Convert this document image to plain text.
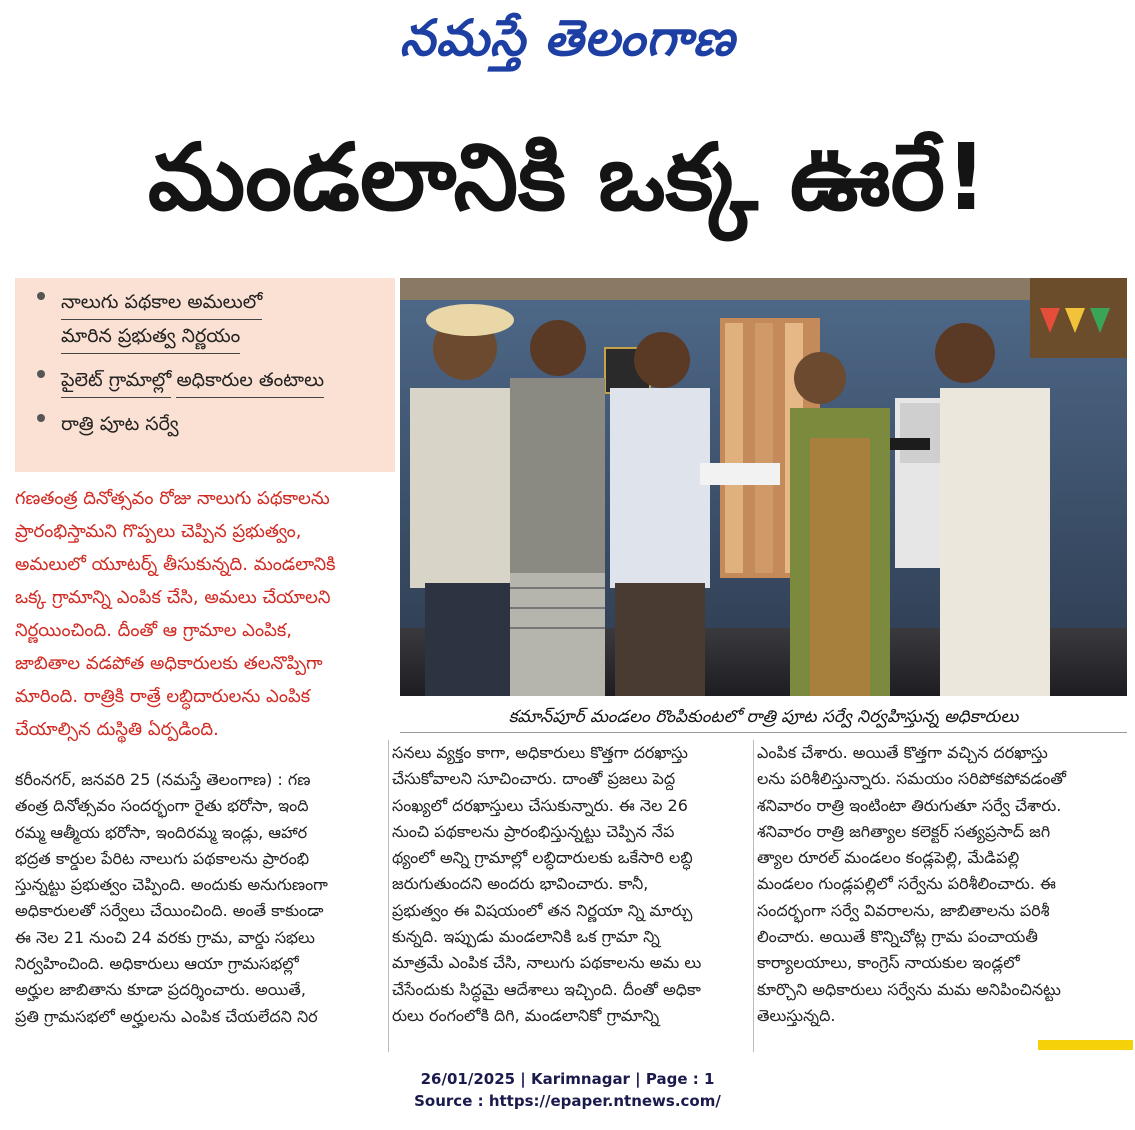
నమస్తే తెలంగాణ
మండలానికి ఒక్క ఊరే!
నాలుగు పథకాల అమలులో మారిన ప్రభుత్వ నిర్ణయం
పైలెట్ గ్రామాల్లో అధికారుల తంటాలు
రాత్రి పూట సర్వే
గణతంత్ర దినోత్సవం రోజు నాలుగు పథకాలను
ప్రారంభిస్తామని గొప్పలు చెప్పిన ప్రభుత్వం,
అమలులో యూటర్న్ తీసుకున్నది. మండలానికి
ఒక్క గ్రామాన్ని ఎంపిక చేసి, అమలు చేయాలని
నిర్ణయించింది. దీంతో ఆ గ్రామాల ఎంపిక,
జాబితాల వడపోత అధికారులకు తలనొప్పిగా
మారింది. రాత్రికి రాత్రే లబ్ధిదారులను ఎంపిక
చేయాల్సిన దుస్థితి ఏర్పడింది.
కమాన్‌పూర్ మండలం రొంపికుంటలో రాత్రి పూట సర్వే నిర్వహిస్తున్న అధికారులు
కరీంనగర్, జనవరి 25 (నమస్తే తెలంగాణ) : గణ
తంత్ర దినోత్సవం సందర్భంగా రైతు భరోసా, ఇంది
రమ్మ ఆత్మీయ భరోసా, ఇందిరమ్మ ఇండ్లు, ఆహార
భద్రత కార్డుల పేరిట నాలుగు పథకాలను ప్రారంభి
స్తున్నట్టు ప్రభుత్వం చెప్పింది. అందుకు అనుగుణంగా
అధికారులతో సర్వేలు చేయించింది. అంతే కాకుండా
ఈ నెల 21 నుంచి 24 వరకు గ్రామ, వార్డు సభలు
నిర్వహించింది. అధికారులు ఆయా గ్రామసభల్లో
అర్హుల జాబితాను కూడా ప్రదర్శించారు. అయితే,
ప్రతి గ్రామసభలో అర్హులను ఎంపిక చేయలేదని నిర
సనలు వ్యక్తం కాగా, అధికారులు కొత్తగా దరఖాస్తు
చేసుకోవాలని సూచించారు. దాంతో ప్రజలు పెద్ద
సంఖ్యలో దరఖాస్తులు చేసుకున్నారు. ఈ నెల 26
నుంచి పథకాలను ప్రారంభిస్తున్నట్టు చెప్పిన నేప
థ్యంలో అన్ని గ్రామాల్లో లబ్ధిదారులకు ఒకేసారి లబ్ధి
జరుగుతుందని అందరు భావించారు. కానీ,
ప్రభుత్వం ఈ విషయంలో తన నిర్ణయా న్ని మార్చు
కున్నది. ఇప్పుడు మండలానికి ఒక గ్రామా న్ని
మాత్రమే ఎంపిక చేసి, నాలుగు పథకాలను అమ లు
చేసేందుకు సిద్ధమై ఆదేశాలు ఇచ్చింది. దీంతో అధికా
రులు రంగంలోకి దిగి, మండలానికో గ్రామాన్ని
ఎంపిక చేశారు. అయితే కొత్తగా వచ్చిన దరఖాస్తు
లను పరిశీలిస్తున్నారు. సమయం సరిపోకపోవడంతో
శనివారం రాత్రి ఇంటింటా తిరుగుతూ సర్వే చేశారు.
శనివారం రాత్రి జగిత్యాల కలెక్టర్ సత్యప్రసాద్ జగి
త్యాల రూరల్ మండలం కండ్లపెల్లి, మేడిపల్లి
మండలం గుండ్లపల్లిలో సర్వేను పరిశీలించారు. ఈ
సందర్భంగా సర్వే వివరాలను, జాబితాలను పరిశీ
లించారు. అయితే కొన్నిచోట్ల గ్రామ పంచాయతీ
కార్యాలయాలు, కాంగ్రెస్ నాయకుల ఇండ్లలో
కూర్చొని అధికారులు సర్వేను మమ అనిపించినట్టు
తెలుస్తున్నది.
26/01/2025 | Karimnagar | Page : 1
Source : https://epaper.ntnews.com/
